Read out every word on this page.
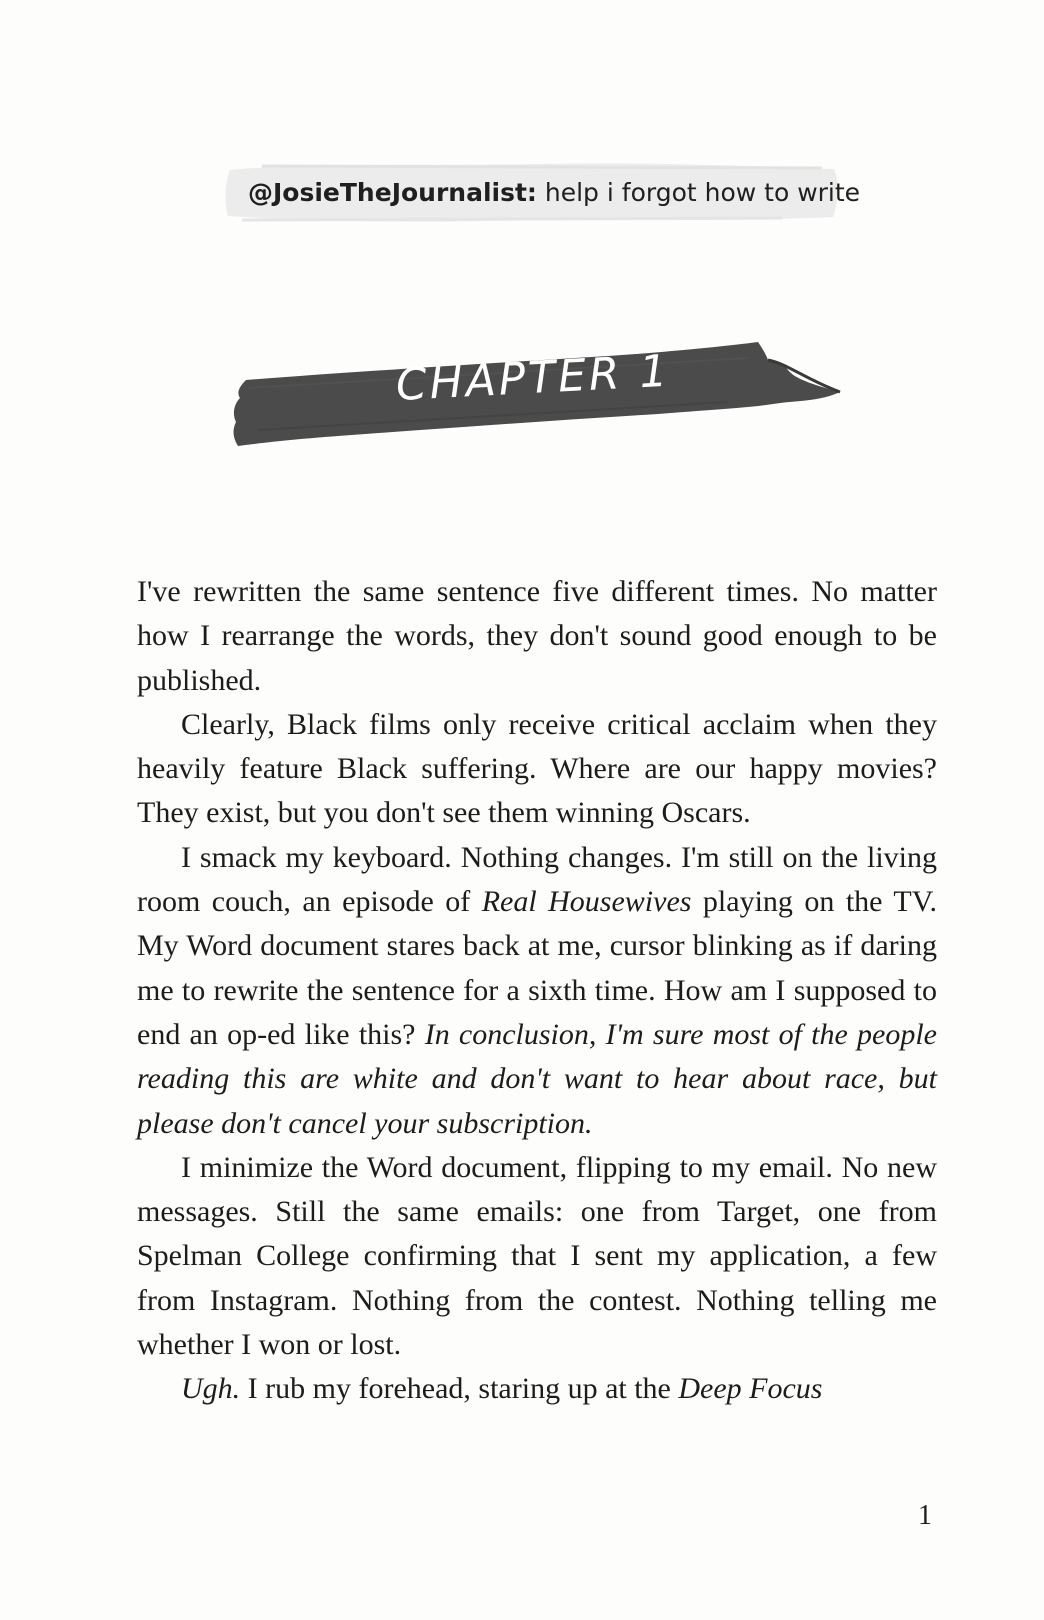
@JosieTheJournalist: help i forgot how to write
CHAPTER 1

I've rewritten the same sentence five different times. No matter how I rearrange the words, they don't sound good enough to be published.

Clearly, Black films only receive critical acclaim when they heavily feature Black suffering. Where are our happy movies? They exist, but you don't see them winning Oscars.

I smack my keyboard. Nothing changes. I'm still on the living room couch, an episode of Real Housewives playing on the TV. My Word document stares back at me, cursor blinking as if daring me to rewrite the sentence for a sixth time. How am I supposed to end an op-ed like this? In conclusion, I'm sure most of the people reading this are white and don't want to hear about race, but please don't cancel your subscription.

I minimize the Word document, flipping to my email. No new messages. Still the same emails: one from Target, one from Spelman College confirming that I sent my application, a few from Instagram. Nothing from the contest. Nothing telling me whether I won or lost.

Ugh. I rub my forehead, staring up at the Deep Focus

1
